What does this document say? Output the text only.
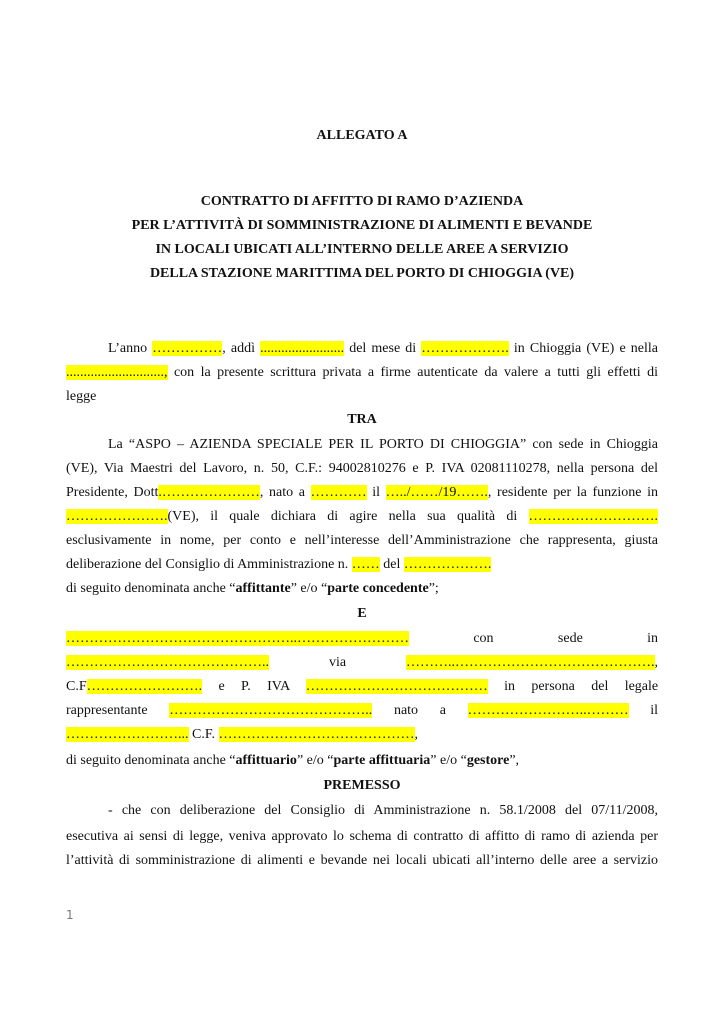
ALLEGATO A
CONTRATTO DI AFFITTO DI RAMO D’AZIENDA
PER L’ATTIVITÀ DI SOMMINISTRAZIONE DI ALIMENTI E BEVANDE
IN LOCALI UBICATI ALL’INTERNO DELLE AREE A SERVIZIO
DELLA STAZIONE MARITTIMA DEL PORTO DI CHIOGGIA (VE)
L’anno ……………, addì ........................ del mese di ………………. in Chioggia (VE) e nella
............................, con la presente scrittura privata a firme autenticate da valere a tutti gli effetti di
legge
TRA
La “ASPO – AZIENDA SPECIALE PER IL PORTO DI CHIOGGIA” con sede in Chioggia
(VE), Via Maestri del Lavoro, n. 50, C.F.: 94002810276 e P. IVA 02081110278, nella persona del
Presidente, Dott.…………………, nato a ………… il …../……/19……., residente per la funzione in
………………….(VE), il quale dichiara di agire nella sua qualità di ……………………….
esclusivamente in nome, per conto e nell’interesse dell’Amministrazione che rappresenta, giusta
deliberazione del Consiglio di Amministrazione n. …… del ……………….
di seguito denominata anche “affittante” e/o “parte concedente”;
E
…………………………………………..……………………	con	sede	in
……………………………………..	via	………..…………………………………….,
C.F……………………. e P. IVA ………………………………… in persona del legale
rappresentante …………………………………….. nato a ……………………..……… il
……………………... C.F. ……………………………………,
di seguito denominata anche “affittuario” e/o “parte affittuaria” e/o “gestore”,
PREMESSO
- che con deliberazione del Consiglio di Amministrazione n. 58.1/2008 del 07/11/2008,
esecutiva ai sensi di legge, veniva approvato lo schema di contratto di affitto di ramo di azienda per
l’attività di somministrazione di alimenti e bevande nei locali ubicati all’interno delle aree a servizio
1
